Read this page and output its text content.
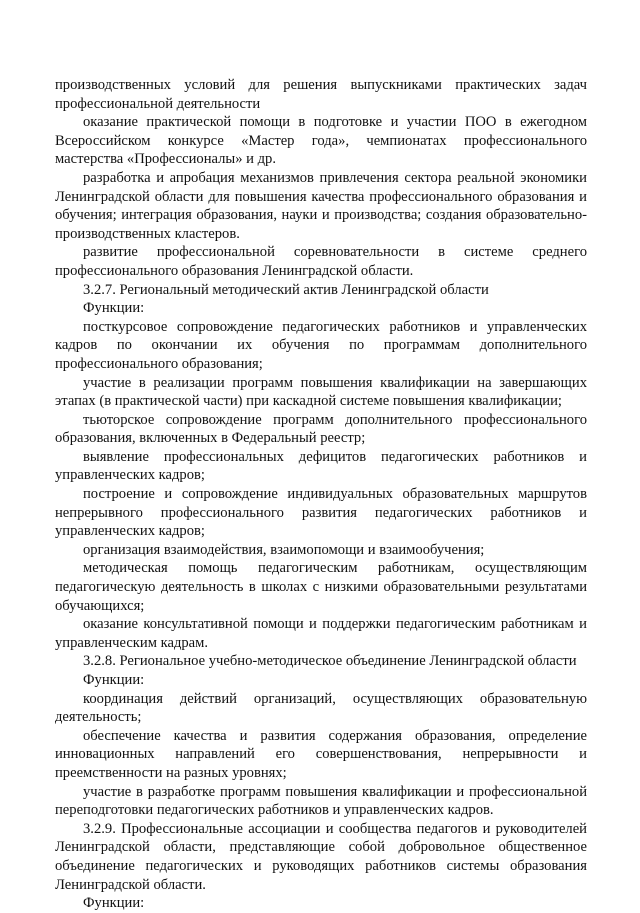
производственных условий для решения выпускниками практических задач профессиональной деятельности

оказание практической помощи в подготовке и участии ПОО в ежегодном Всероссийском конкурсе «Мастер года», чемпионатах профессионального мастерства «Профессионалы» и др.

разработка и апробация механизмов привлечения сектора реальной экономики Ленинградской области для повышения качества профессионального образования и обучения; интеграция образования, науки и производства; создания образовательно-производственных кластеров.

развитие профессиональной соревновательности в системе среднего профессионального образования Ленинградской области.

3.2.7. Региональный методический актив Ленинградской области

Функции:

посткурсовое сопровождение педагогических работников и управленческих кадров по окончании их обучения по программам дополнительного профессионального образования;

участие в реализации программ повышения квалификации на завершающих этапах (в практической части) при каскадной системе повышения квалификации;

тьюторское сопровождение программ дополнительного профессионального образования, включенных в Федеральный реестр;

выявление профессиональных дефицитов педагогических работников и управленческих кадров;

построение и сопровождение индивидуальных образовательных маршрутов непрерывного профессионального развития педагогических работников и управленческих кадров;

организация взаимодействия, взаимопомощи и взаимообучения;

методическая помощь педагогическим работникам, осуществляющим педагогическую деятельность в школах с низкими образовательными результатами обучающихся;

оказание консультативной помощи и поддержки педагогическим работникам и управленческим кадрам.

3.2.8. Региональное учебно-методическое объединение Ленинградской области

Функции:

координация действий организаций, осуществляющих образовательную деятельность;

обеспечение качества и развития содержания образования, определение инновационных направлений его совершенствования, непрерывности и преемственности на разных уровнях;

участие в разработке программ повышения квалификации и профессиональной переподготовки педагогических работников и управленческих кадров.

3.2.9. Профессиональные ассоциации и сообщества педагогов и руководителей Ленинградской области, представляющие собой добровольное общественное объединение педагогических и руководящих работников системы образования Ленинградской области.

Функции:
